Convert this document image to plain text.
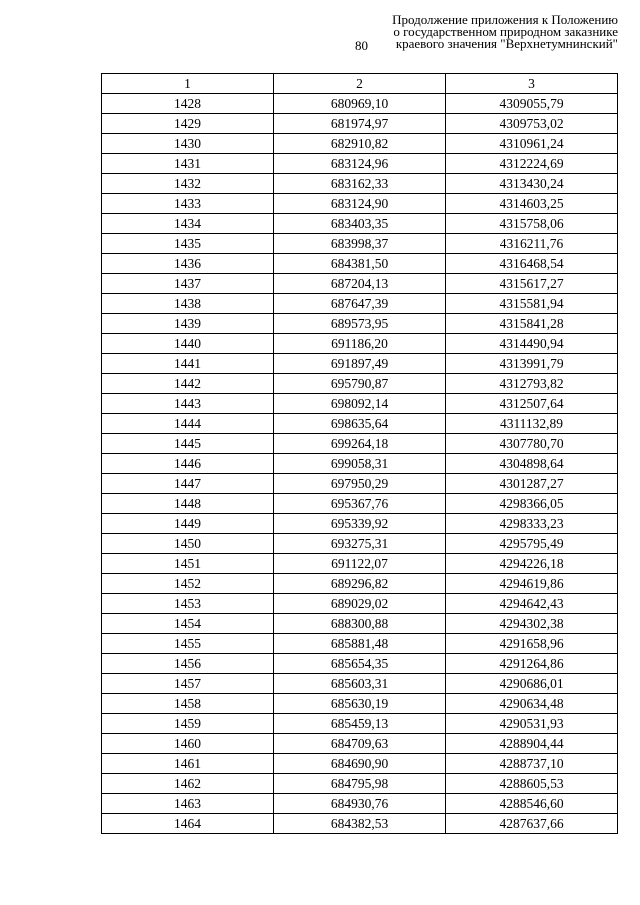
80
Продолжение приложения к Положению
о государственном природном заказнике
краевого значения "Верхнетумнинский"
1	2	3
1428	680969,10	4309055,79
1429	681974,97	4309753,02
1430	682910,82	4310961,24
1431	683124,96	4312224,69
1432	683162,33	4313430,24
1433	683124,90	4314603,25
1434	683403,35	4315758,06
1435	683998,37	4316211,76
1436	684381,50	4316468,54
1437	687204,13	4315617,27
1438	687647,39	4315581,94
1439	689573,95	4315841,28
1440	691186,20	4314490,94
1441	691897,49	4313991,79
1442	695790,87	4312793,82
1443	698092,14	4312507,64
1444	698635,64	4311132,89
1445	699264,18	4307780,70
1446	699058,31	4304898,64
1447	697950,29	4301287,27
1448	695367,76	4298366,05
1449	695339,92	4298333,23
1450	693275,31	4295795,49
1451	691122,07	4294226,18
1452	689296,82	4294619,86
1453	689029,02	4294642,43
1454	688300,88	4294302,38
1455	685881,48	4291658,96
1456	685654,35	4291264,86
1457	685603,31	4290686,01
1458	685630,19	4290634,48
1459	685459,13	4290531,93
1460	684709,63	4288904,44
1461	684690,90	4288737,10
1462	684795,98	4288605,53
1463	684930,76	4288546,60
1464	684382,53	4287637,66
